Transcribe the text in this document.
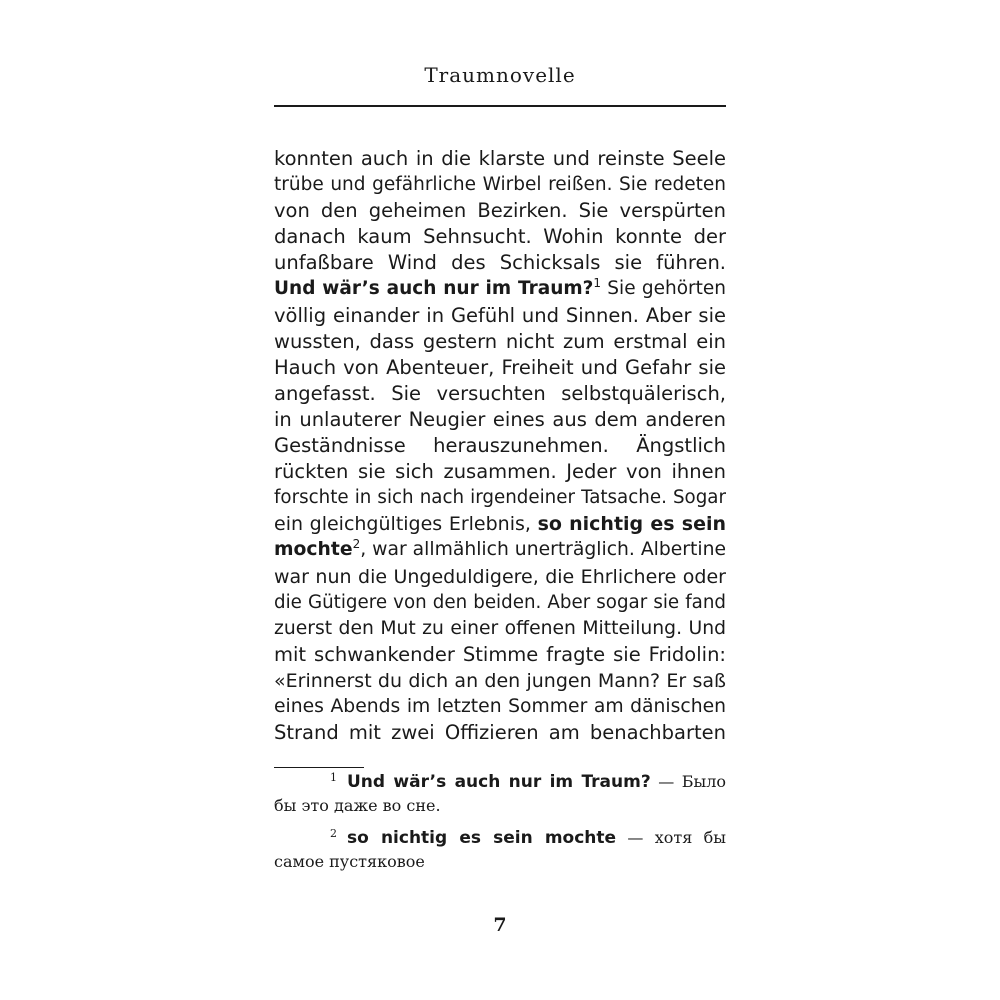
Traumnovelle
konnten auch in die klarste und reinste Seele
trübe und gefährliche Wirbel reißen. Sie redeten
von den geheimen Bezirken. Sie verspürten
danach kaum Sehnsucht. Wohin konnte der
unfaßbare Wind des Schicksals sie führen.
Und wär’s auch nur im Traum?$^1$ Sie gehörten
völlig einander in Gefühl und Sinnen. Aber sie
wussten, dass gestern nicht zum erstmal ein
Hauch von Abenteuer, Freiheit und Gefahr sie
angefasst. Sie versuchten selbstquälerisch,
in unlauterer Neugier eines aus dem anderen
Geständnisse herauszunehmen. Ängstlich
rückten sie sich zusammen. Jeder von ihnen
forschte in sich nach irgendeiner Tatsache. Sogar
ein gleichgültiges Erlebnis, so nichtig es sein
mochte$^2$, war allmählich unerträglich. Albertine
war nun die Ungeduldigere, die Ehrlichere oder
die Gütigere von den beiden. Aber sogar sie fand
zuerst den Mut zu einer offenen Mitteilung. Und
mit schwankender Stimme fragte sie Fridolin:
«Erinnerst du dich an den jungen Mann? Er saß
eines Abends im letzten Sommer am dänischen
Strand mit zwei Offizieren am benachbarten
$^1$ Und wär’s auch nur im Traum? — Было
бы это даже во сне.
$^2$ so nichtig es sein mochte — хотя бы
самое пустяковое
7
